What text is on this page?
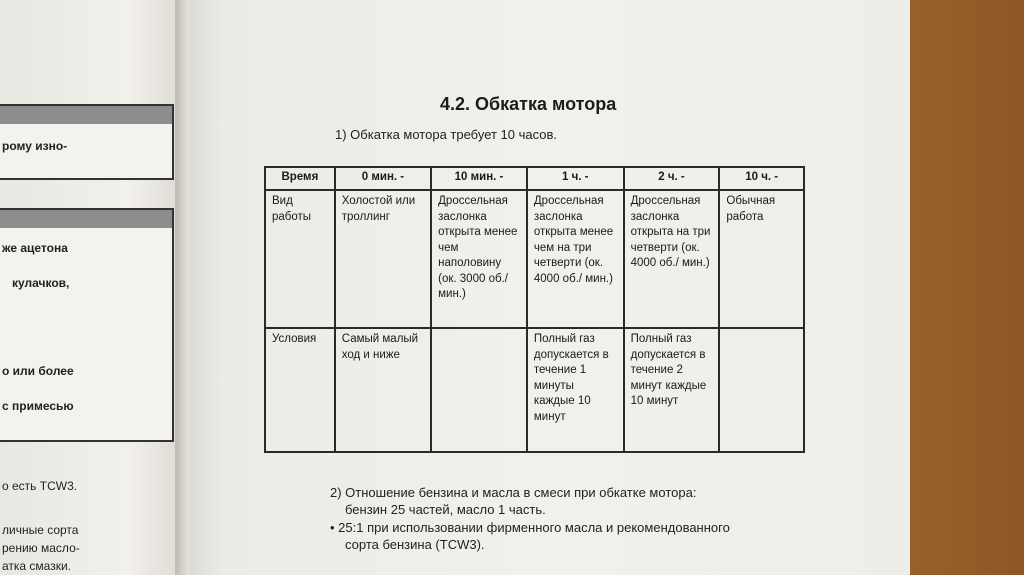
рому изно-
же ацетона
кулачков,
о или более
с примесью
о есть TCW3.
личные сорта
рению масло-
атка смазки.
4.2. Обкатка мотора
1) Обкатка мотора требует 10 часов.
Время	0 мин. -	10 мин. -	1 ч. -	2 ч. -	10 ч. -
Вид работы	Холостой или троллинг	Дроссельная заслонка открыта менее чем наполовину (ок. 3000 об./ мин.)	Дроссельная заслонка открыта менее чем на три четверти (ок. 4000 об./ мин.)	Дроссельная заслонка открыта на три четверти (ок. 4000 об./ мин.)	Обычная работа
Условия	Самый малый ход и ниже		Полный газ допускается в течение 1 минуты каждые 10 минут	Полный газ допускается в течение 2 минут каждые 10 минут	
2) Отношение бензина и масла в смеси при обкатке мотора:
бензин 25 частей, масло 1 часть.
• 25:1 при использовании фирменного масла и рекомендованного
сорта бензина (TCW3).
